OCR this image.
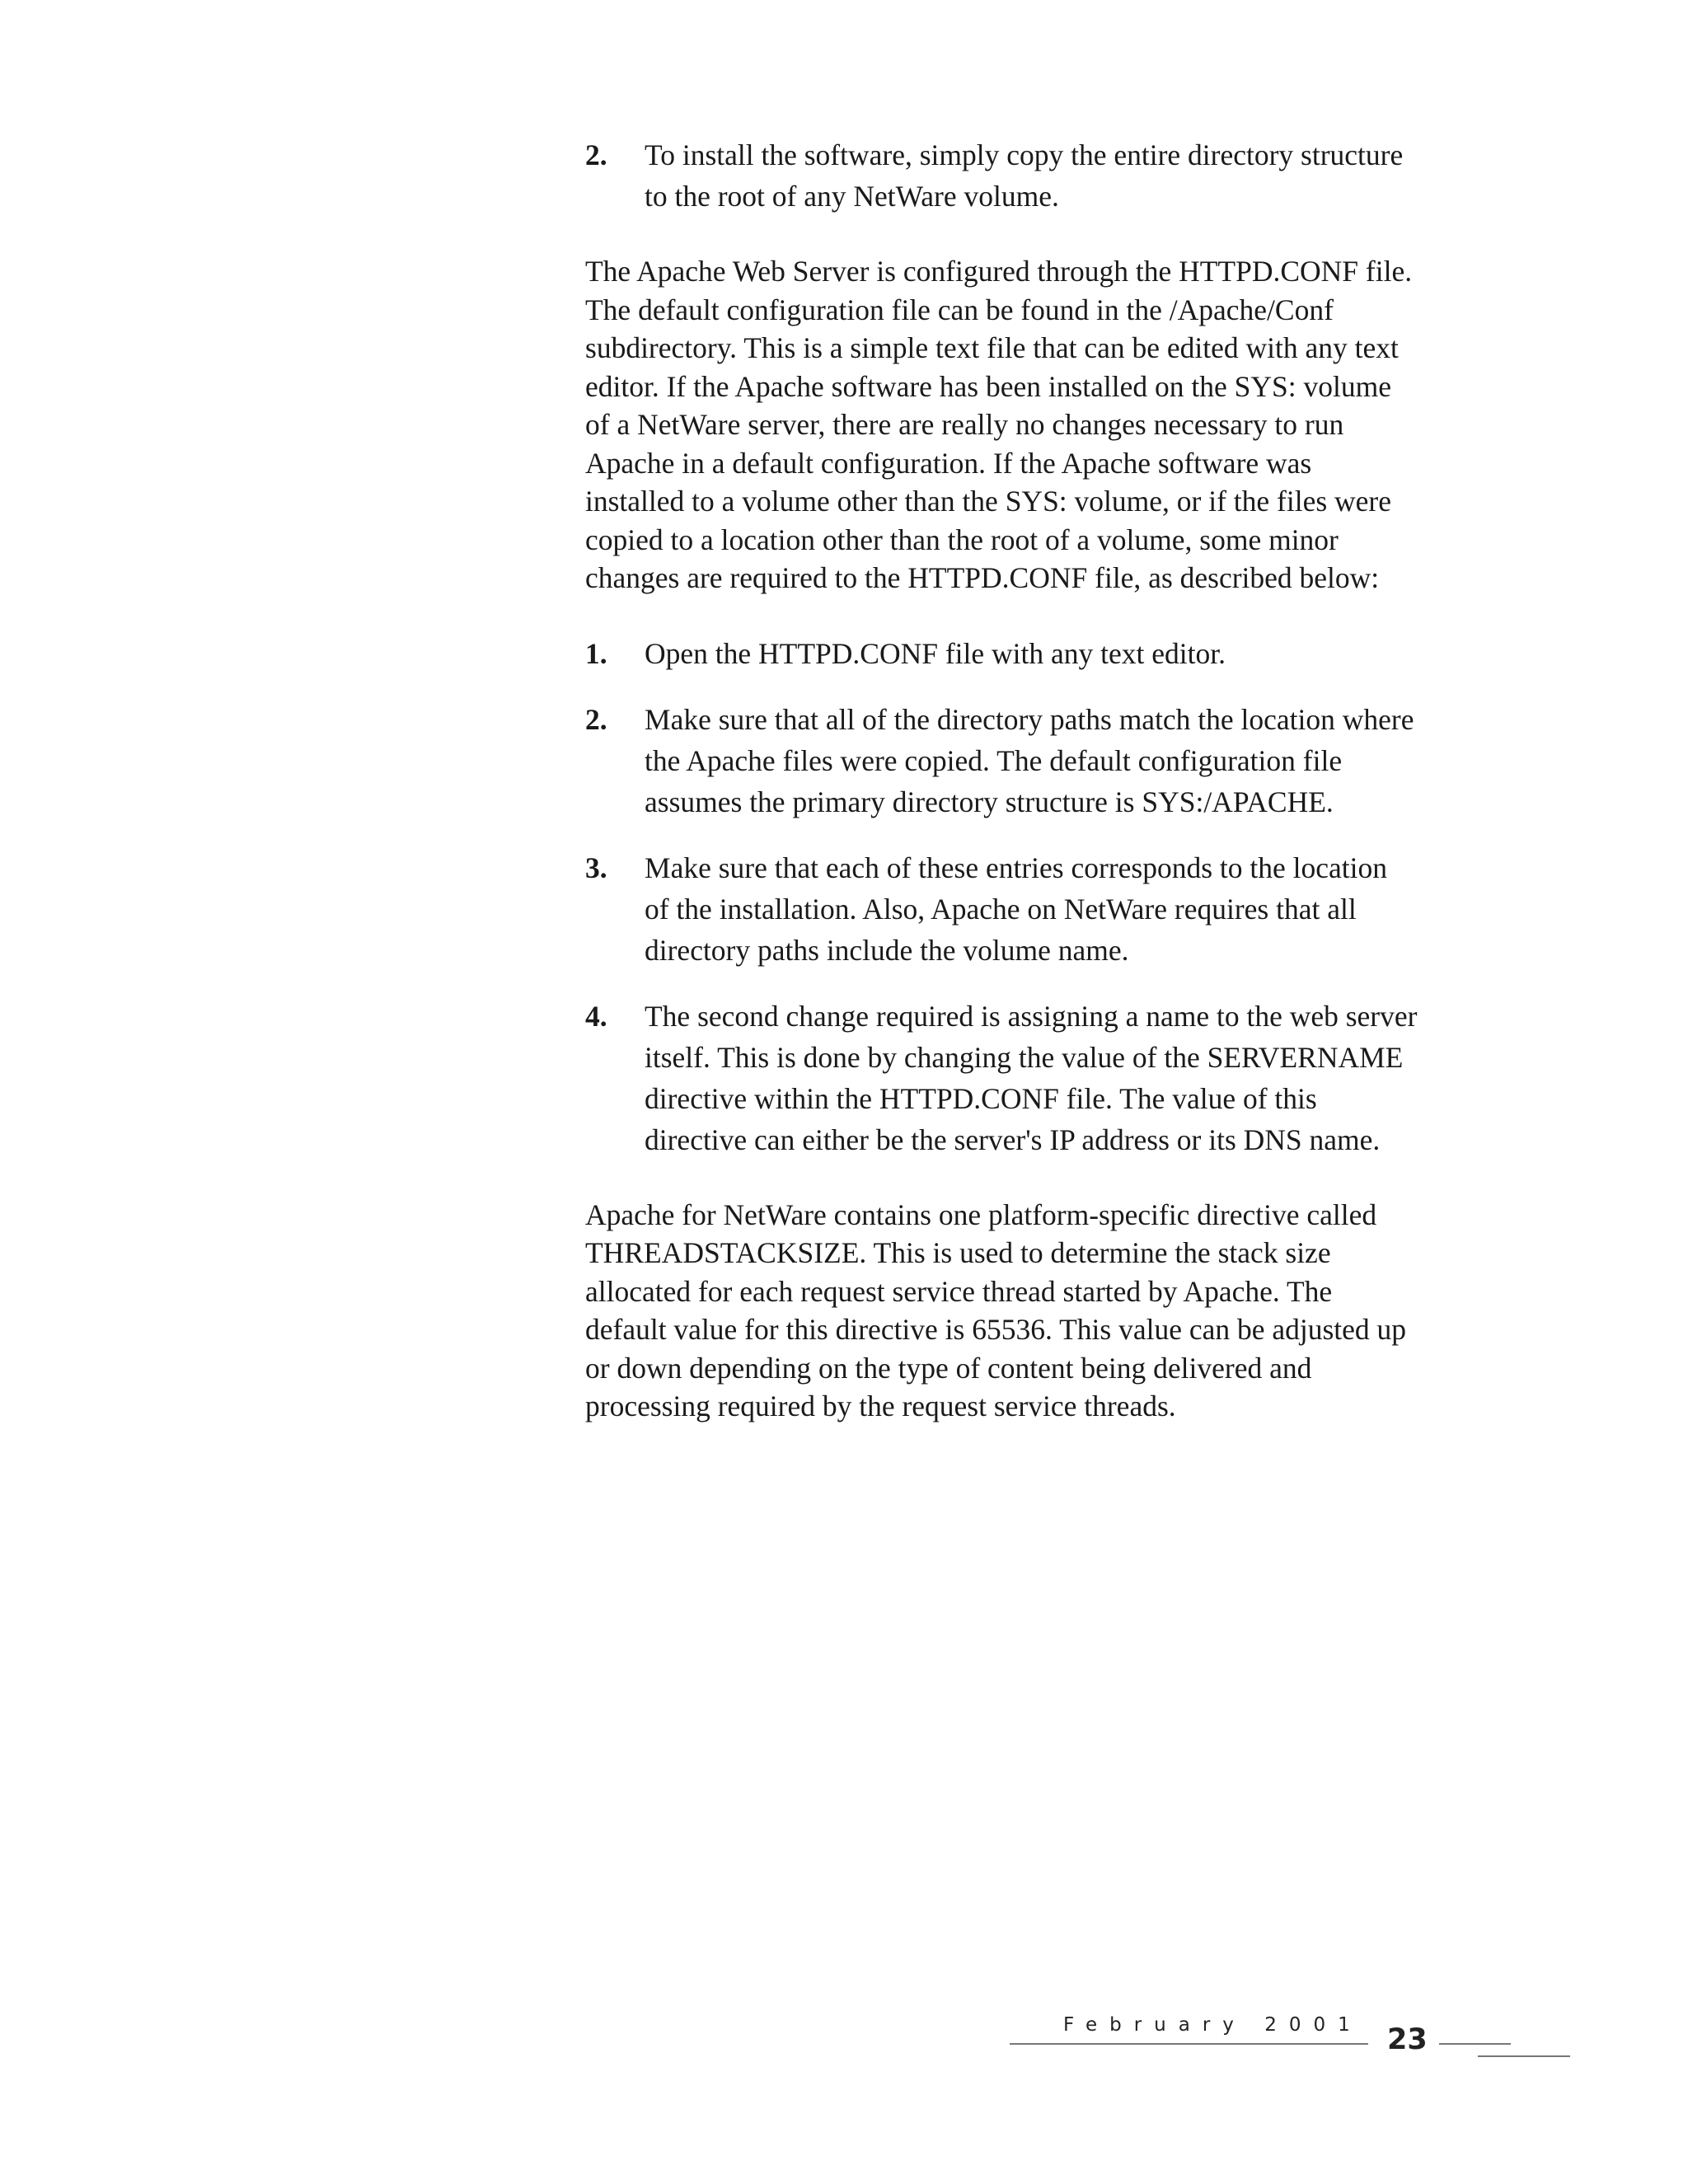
2.	To install the software, simply copy the entire directory structure to the root of any NetWare volume.

The Apache Web Server is configured through the HTTPD.CONF file. The default configuration file can be found in the /Apache/Conf subdirectory. This is a simple text file that can be edited with any text editor. If the Apache software has been installed on the SYS: volume of a NetWare server, there are really no changes necessary to run Apache in a default configuration. If the Apache software was installed to a volume other than the SYS: volume, or if the files were copied to a location other than the root of a volume, some minor changes are required to the HTTPD.CONF file, as described below:

1.	Open the HTTPD.CONF file with any text editor.
2.	Make sure that all of the directory paths match the location where the Apache files were copied. The default configuration file assumes the primary directory structure is SYS:/APACHE.
3.	Make sure that each of these entries corresponds to the location of the installation. Also, Apache on NetWare requires that all directory paths include the volume name.
4.	The second change required is assigning a name to the web server itself. This is done by changing the value of the SERVERNAME directive within the HTTPD.CONF file. The value of this directive can either be the server's IP address or its DNS name.

Apache for NetWare contains one platform-specific directive called THREADSTACKSIZE. This is used to determine the stack size allocated for each request service thread started by Apache. The default value for this directive is 65536. This value can be adjusted up or down depending on the type of content being delivered and processing required by the request service threads.

February 2001 23
